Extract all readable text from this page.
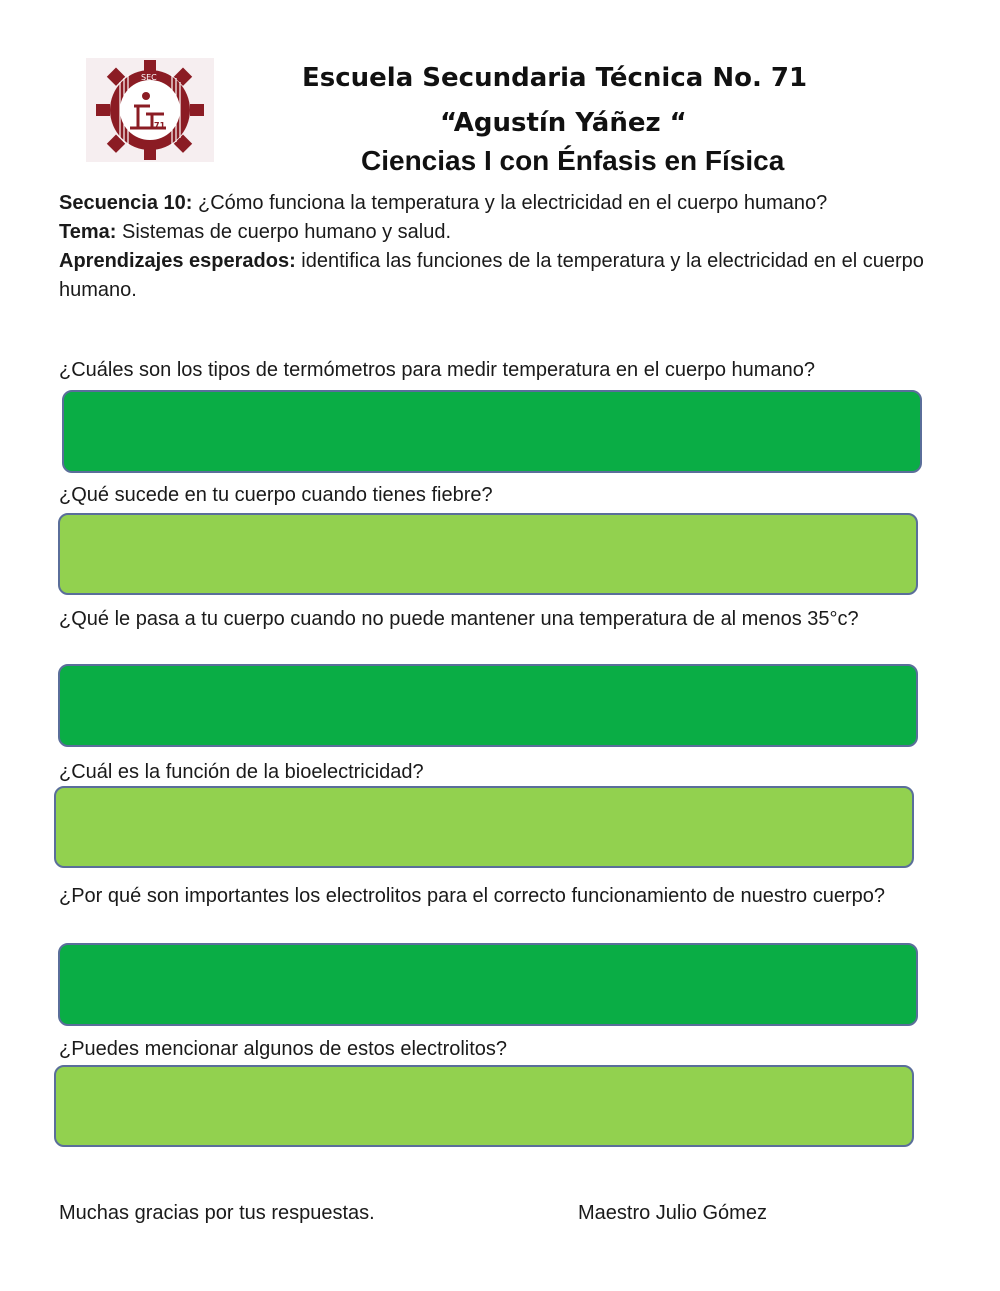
SEC
71
Escuela Secundaria Técnica No. 71
“Agustín Yáñez “
Ciencias I con Énfasis en Física

Secuencia 10: ¿Cómo funciona la temperatura y la electricidad en el cuerpo humano?

Tema: Sistemas de cuerpo humano y salud.

Aprendizajes esperados: identifica las funciones de la temperatura y la electricidad en el cuerpo humano.

¿Cuáles son los tipos de termómetros para medir temperatura en el cuerpo humano?
¿Qué sucede en tu cuerpo cuando tienes fiebre?
¿Qué le pasa a tu cuerpo cuando no puede mantener una temperatura de al menos 35°c?
¿Cuál es la función de la bioelectricidad?
¿Por qué son importantes los electrolitos para el correcto funcionamiento de nuestro cuerpo?
¿Puedes mencionar algunos de estos electrolitos?
Muchas gracias por tus respuestas.	Maestro Julio Gómez
